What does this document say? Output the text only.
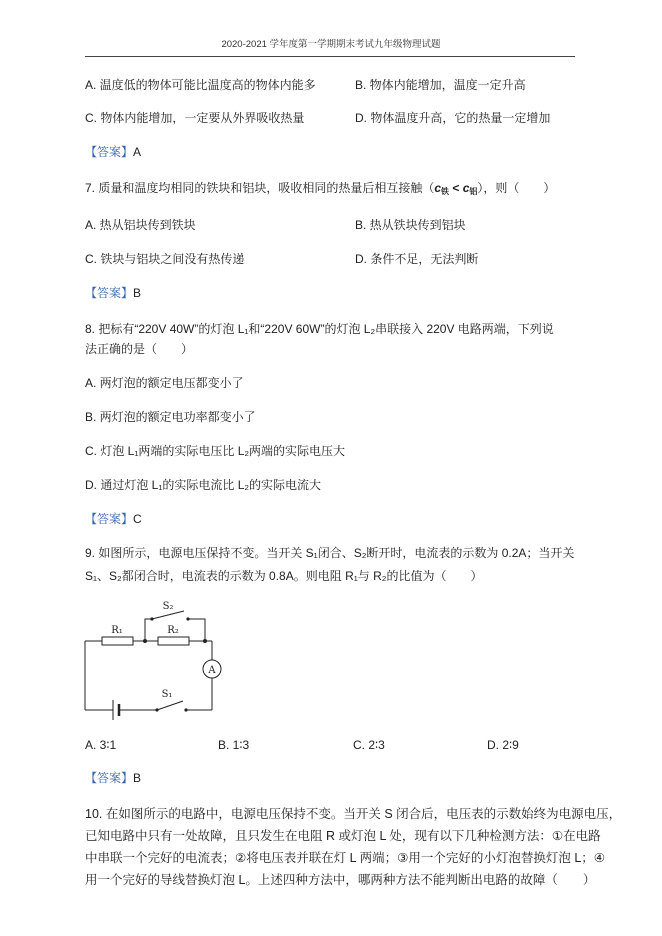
2020-2021 学年度第一学期期末考试九年级物理试题
A. 温度低的物体可能比温度高的物体内能多	B. 物体内能增加，温度一定升高
C. 物体内能增加，一定要从外界吸收热量	D. 物体温度升高，它的热量一定增加
【答案】A
7. 质量和温度均相同的铁块和铝块，吸收相同的热量后相互接触$(c_铁 < c_铝)$，则（　　）
A. 热从铝块传到铁块	B. 热从铁块传到铝块
C. 铁块与铝块之间没有热传递	D. 条件不足，无法判断
【答案】B
8. 把标有“220V 40W”的灯泡 L₁和“220V 60W”的灯泡 L₂串联接入 220V 电路两端，下列说
法正确的是（　　）
A. 两灯泡的额定电压都变小了
B. 两灯泡的额定电功率都变小了
C. 灯泡 L₁两端的实际电压比 L₂两端的实际电压大
D. 通过灯泡 L₁的实际电流比 L₂的实际电流大
【答案】C
9. 如图所示，电源电压保持不变。当开关 S₁闭合、S₂断开时，电流表的示数为 0.2A；当开关
S₁、S₂都闭合时，电流表的示数为 0.8A。则电阻 R₁与 R₂的比值为（　　）
R₁	R₂
S₂
S₁
A
A. 3∶1	B. 1∶3	C. 2∶3	D. 2∶9
【答案】B
10. 在如图所示的电路中，电源电压保持不变。当开关 S 闭合后，电压表的示数始终为电源电压，
已知电路中只有一处故障，且只发生在电阻 R 或灯泡 L 处，现有以下几种检测方法：①在电路
中串联一个完好的电流表；②将电压表并联在灯 L 两端；③用一个完好的小灯泡替换灯泡 L；④
用一个完好的导线替换灯泡 L。上述四种方法中，哪两种方法不能判断出电路的故障（　　）
